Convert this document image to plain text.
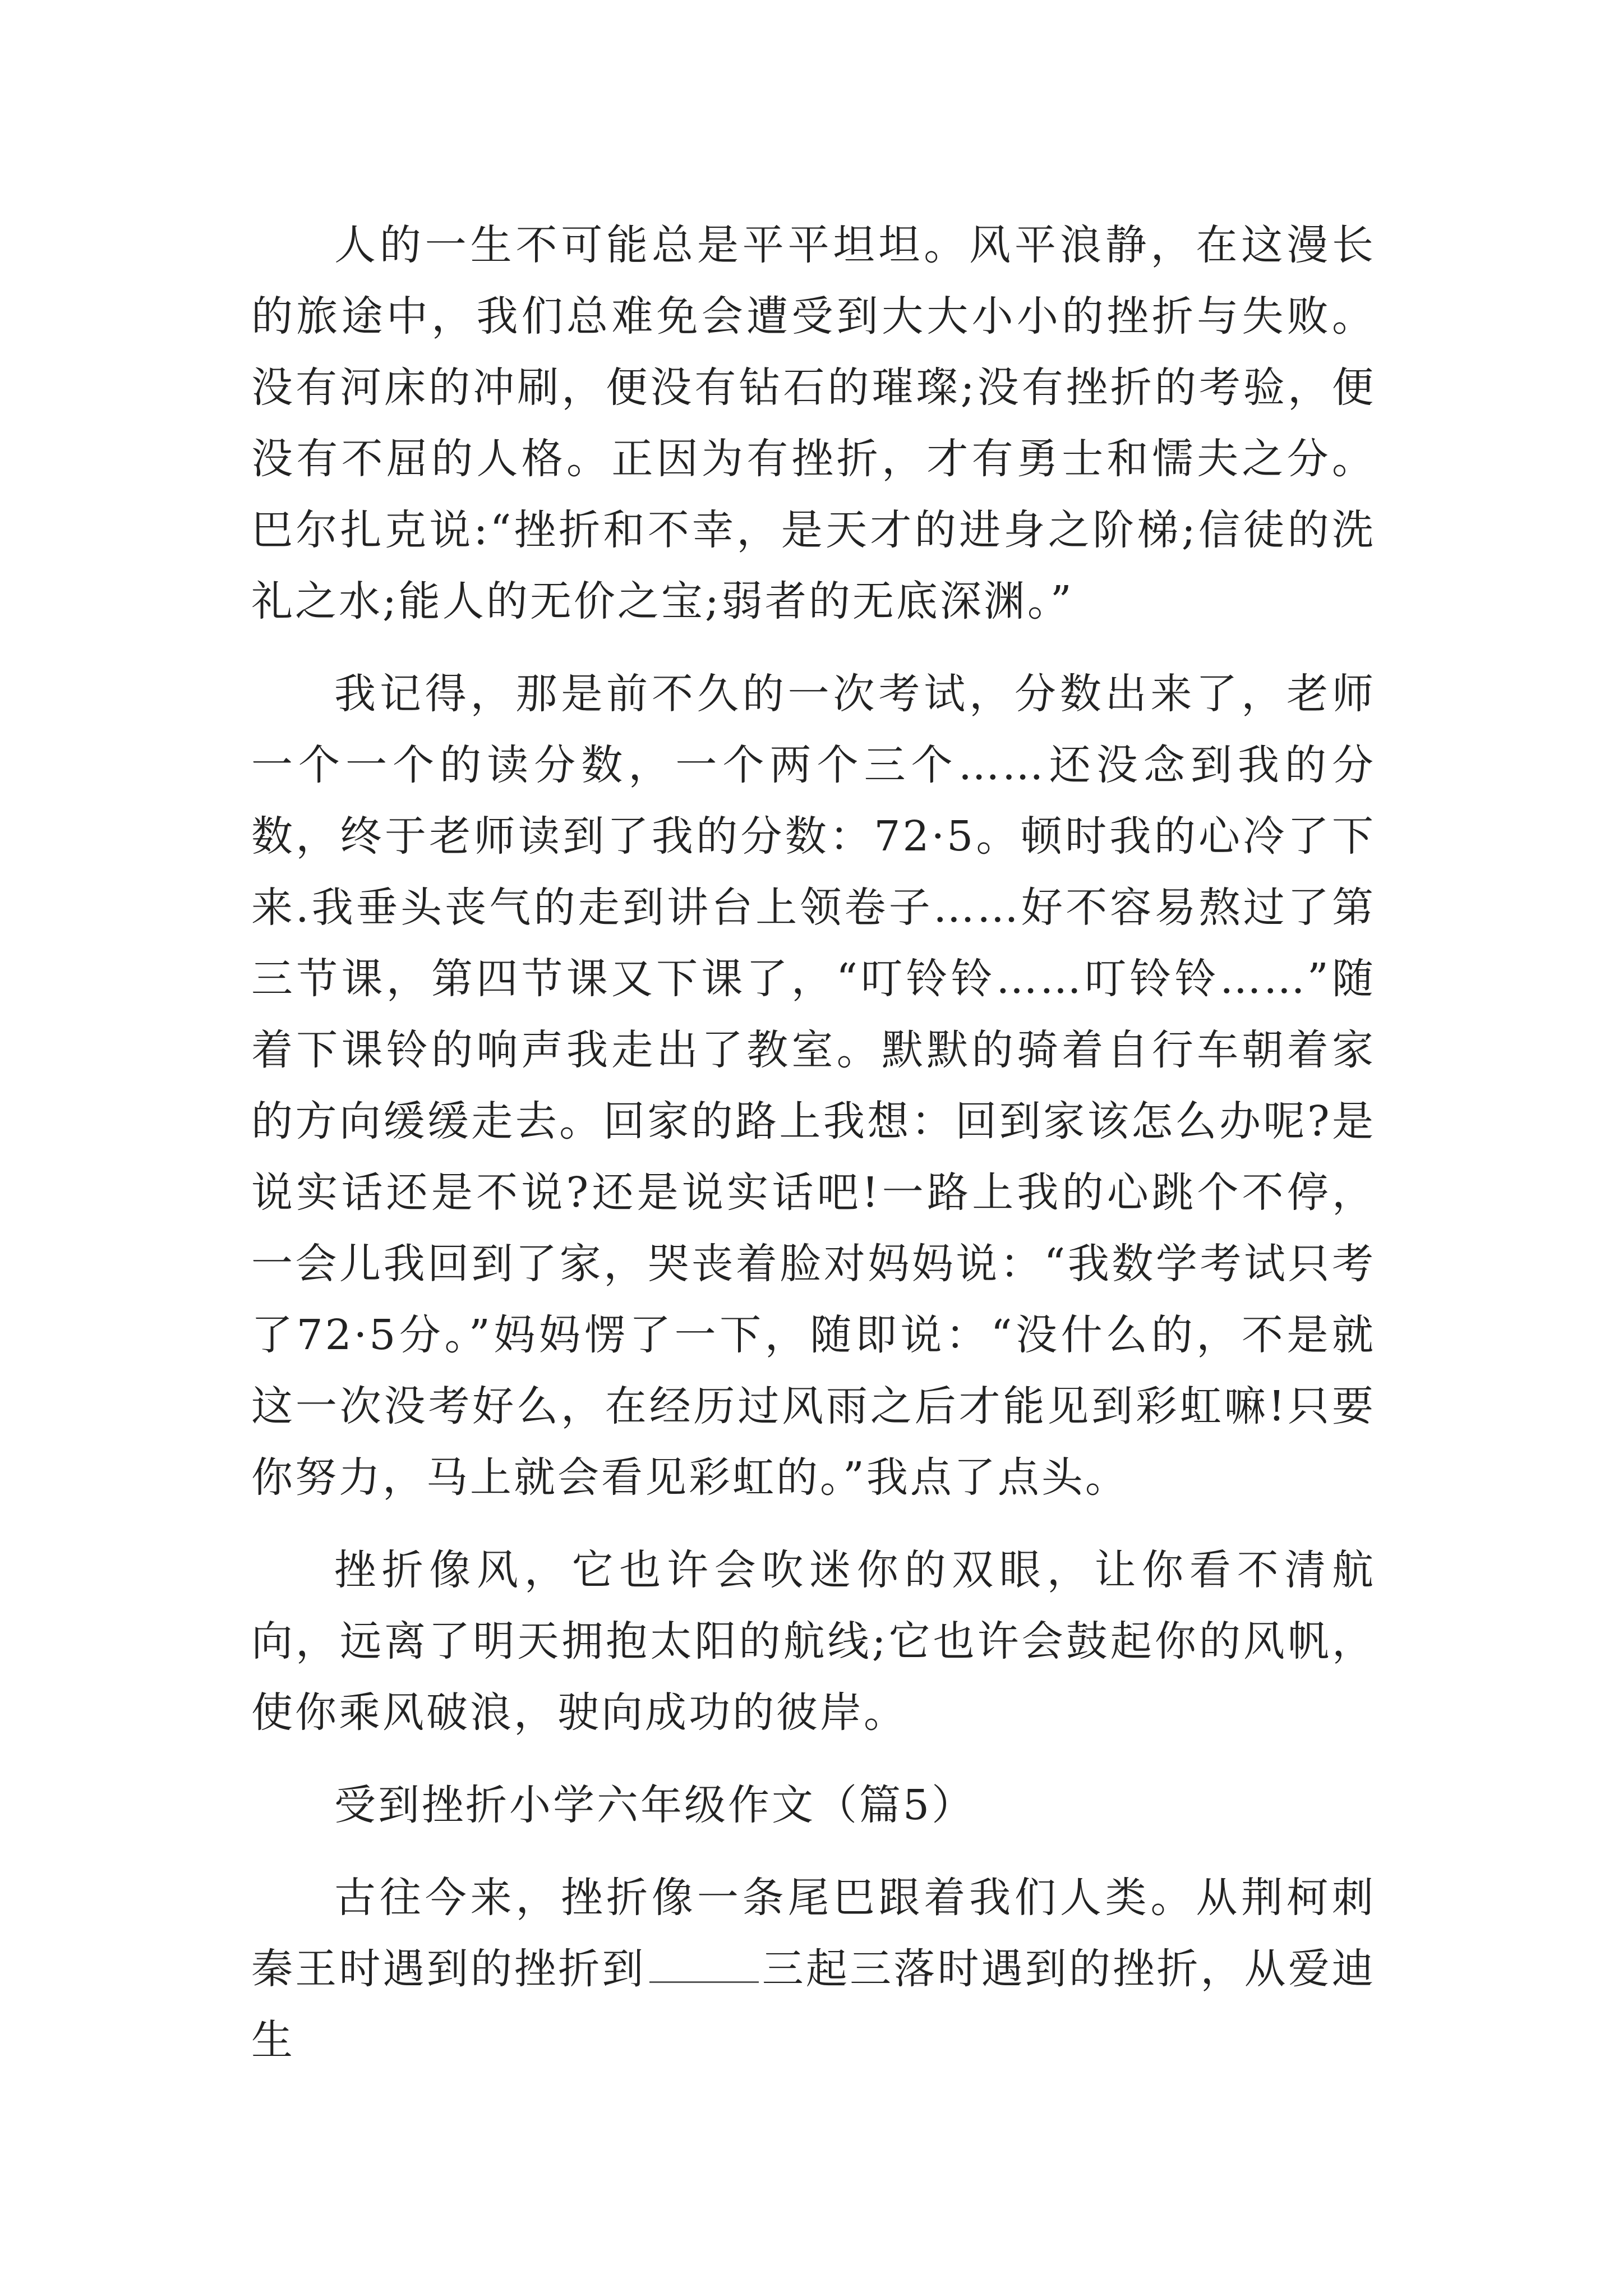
人的一生不可能总是平平坦坦。风平浪静，在这漫长的旅途中，我们总难免会遭受到大大小小的挫折与失败。没有河床的冲刷，便没有钻石的璀璨;没有挫折的考验，便没有不屈的人格。正因为有挫折，才有勇士和懦夫之分。巴尔扎克说:“挫折和不幸，是天才的进身之阶梯;信徒的洗礼之水;能人的无价之宝;弱者的无底深渊。”

我记得，那是前不久的一次考试，分数出来了，老师一个一个的读分数，一个两个三个……还没念到我的分数，终于老师读到了我的分数：72·5。顿时我的心冷了下来.我垂头丧气的走到讲台上领卷子……好不容易熬过了第三节课，第四节课又下课了，“叮铃铃……叮铃铃……”随着下课铃的响声我走出了教室。默默的骑着自行车朝着家的方向缓缓走去。回家的路上我想：回到家该怎么办呢?是说实话还是不说?还是说实话吧!一路上我的心跳个不停，一会儿我回到了家，哭丧着脸对妈妈说：“我数学考试只考了72·5分。”妈妈愣了一下，随即说：“没什么的，不是就这一次没考好么，在经历过风雨之后才能见到彩虹嘛!只要你努力，马上就会看见彩虹的。”我点了点头。

挫折像风，它也许会吹迷你的双眼，让你看不清航向，远离了明天拥抱太阳的航线;它也许会鼓起你的风帆，使你乘风破浪，驶向成功的彼岸。

受到挫折小学六年级作文（篇5）

古往今来，挫折像一条尾巴跟着我们人类。从荆柯刺秦王时遇到的挫折到	三起三落时遇到的挫折，从爱迪生
